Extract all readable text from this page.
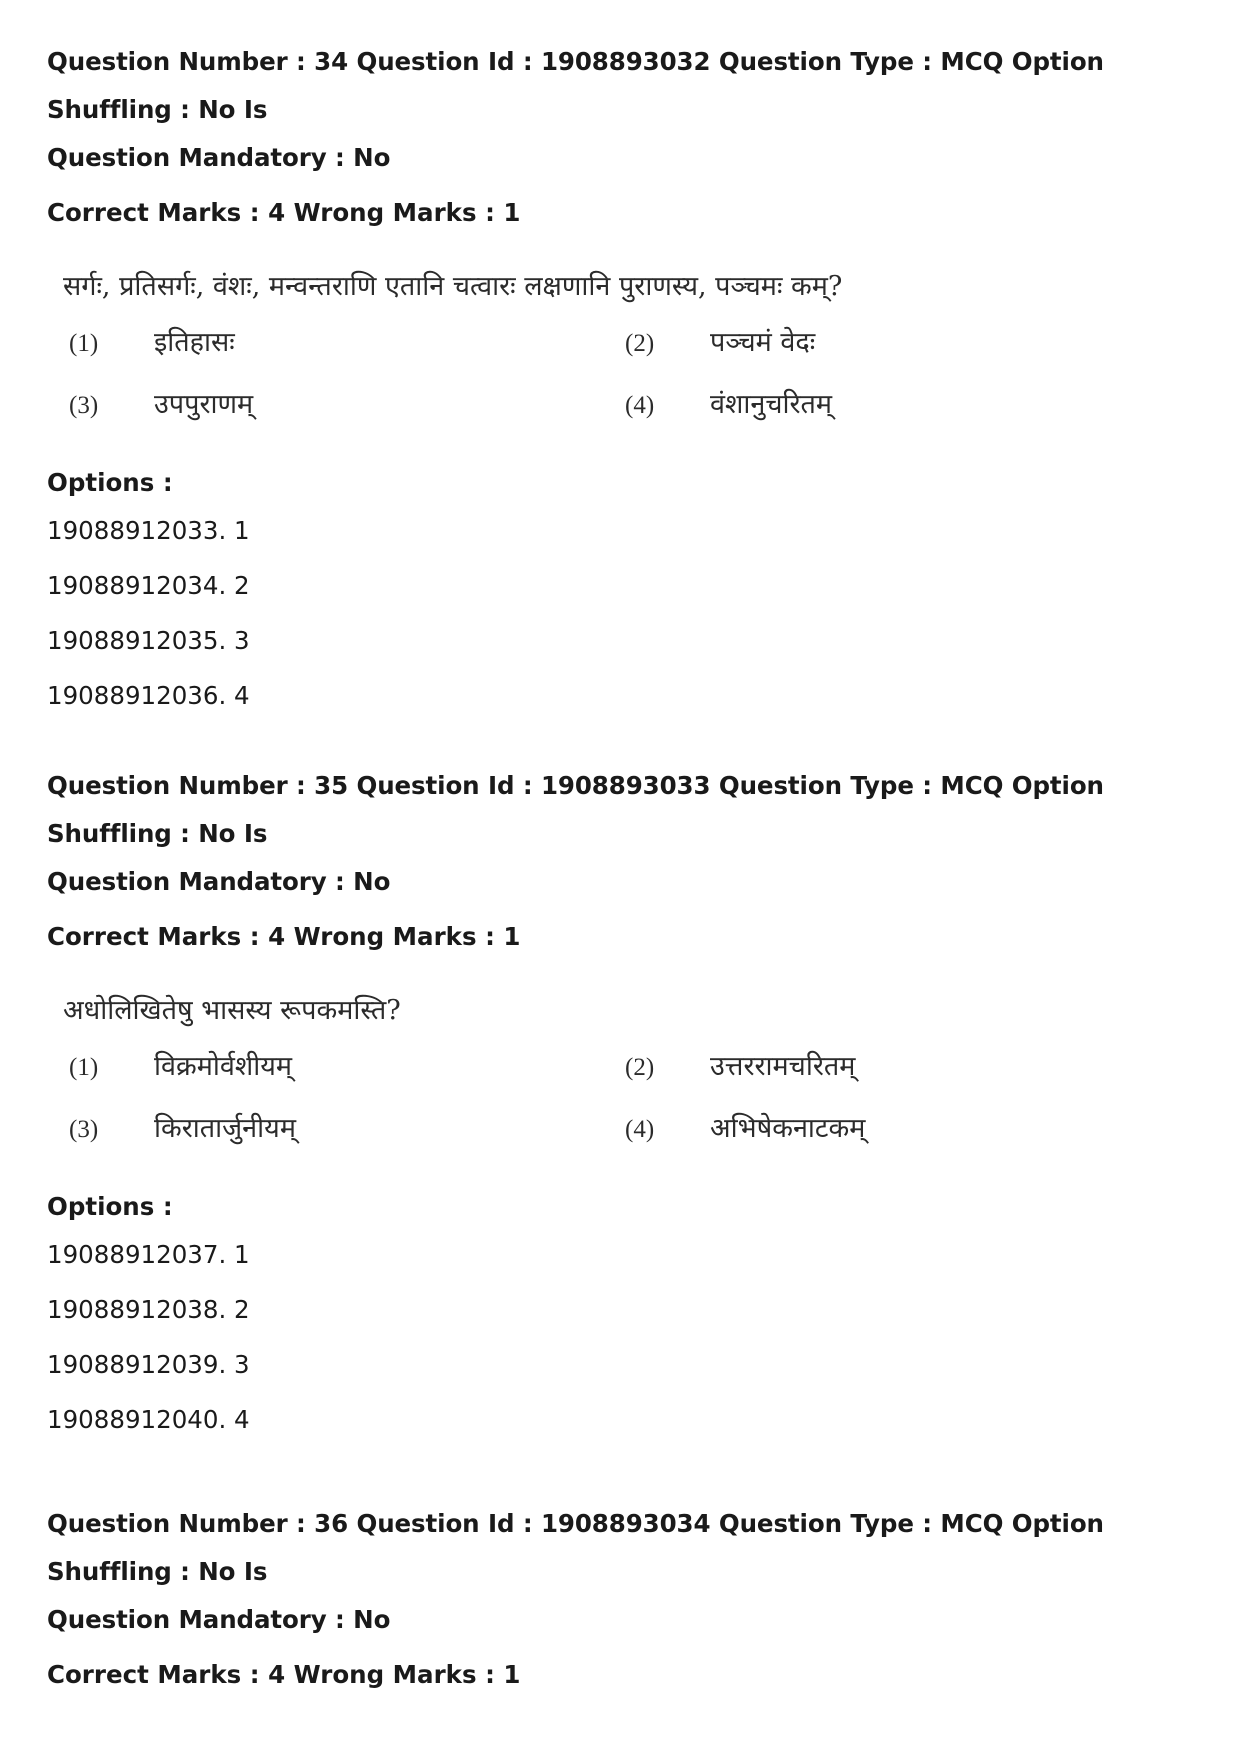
Question Number : 34 Question Id : 1908893032 Question Type : MCQ Option Shuffling : No Is
Question Mandatory : No
Correct Marks : 4 Wrong Marks : 1
सर्गः, प्रतिसर्गः, वंशः, मन्वन्तराणि एतानि चत्वारः लक्षणानि पुराणस्य, पञ्चमः कम्?
(1) इतिहासः	(2) पञ्चमं वेदः
(3) उपपुराणम्	(4) वंशानुचरितम्
Options :
19088912033. 1
19088912034. 2
19088912035. 3
19088912036. 4
Question Number : 35 Question Id : 1908893033 Question Type : MCQ Option Shuffling : No Is
Question Mandatory : No
Correct Marks : 4 Wrong Marks : 1
अधोलिखितेषु भासस्य रूपकमस्ति?
(1) विक्रमोर्वशीयम्	(2) उत्तररामचरितम्
(3) किरातार्जुनीयम्	(4) अभिषेकनाटकम्
Options :
19088912037. 1
19088912038. 2
19088912039. 3
19088912040. 4
Question Number : 36 Question Id : 1908893034 Question Type : MCQ Option Shuffling : No Is
Question Mandatory : No
Correct Marks : 4 Wrong Marks : 1
